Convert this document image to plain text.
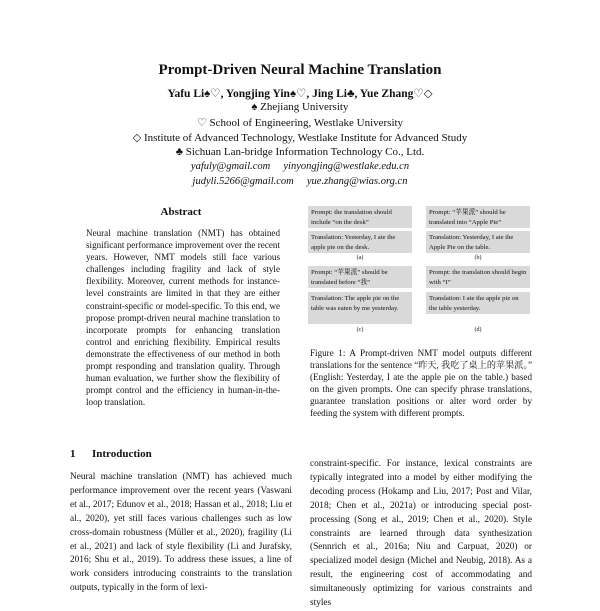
Prompt-Driven Neural Machine Translation
Yafu Li♠♡, Yongjing Yin♠♡, Jing Li♣, Yue Zhang♡◇
♠ Zhejiang University
♡ School of Engineering, Westlake University
◇ Institute of Advanced Technology, Westlake Institute for Advanced Study
♣ Sichuan Lan-bridge Information Technology Co., Ltd.
yafuly@gmail.com     yinyongjing@westlake.edu.cn
judyli.5266@gmail.com     yue.zhang@wias.org.cn
Abstract
Neural machine translation (NMT) has obtained significant performance improvement over the recent years. However, NMT models still face various challenges including fragility and lack of style flexibility. Moreover, current methods for instance-level constraints are limited in that they are either constraint-specific or model-specific. To this end, we propose prompt-driven neural machine translation to incorporate prompts for enhancing translation control and enriching flexibility. Empirical results demonstrate the effectiveness of our method in both prompt responding and translation quality. Through human evaluation, we further show the flexibility of prompt control and the efficiency in human-in-the-loop translation.
1 Introduction
Neural machine translation (NMT) has achieved much performance improvement over the recent years (Vaswani et al., 2017; Edunov et al., 2018; Hassan et al., 2018; Liu et al., 2020), yet still faces various challenges such as low cross-domain robustness (Müller et al., 2020), fragility (Li et al., 2021) and lack of style flexibility (Li and Jurafsky, 2016; Shu et al., 2019). To address these issues, a line of work considers introducing constraints to the translation outputs, typically in the form of lexi-
Prompt: the translation should include “on the desk”
Translation: Yesterday, I ate the apple pie on the desk.
(a)
Prompt: “苹果派” should be translated into “Apple Pie”
Translation: Yesterday, I ate the Apple Pie on the table.
(b)
Prompt: “苹果派” should be translated before “我”
Translation: The apple pie on the table was eaten by me yesterday.
(c)
Prompt: the translation should begin with “I”
Translation: I ate the apple pie on the table yesterday.
(d)
Figure 1: A Prompt-driven NMT model outputs different translations for the sentence “昨天, 我吃了桌上的苹果派。” (English: Yesterday, I ate the apple pie on the table.) based on the given prompts. One can specify phrase translations, guarantee translation positions or alter word order by feeding the system with different prompts.
constraint-specific. For instance, lexical constraints are typically integrated into a model by either modifying the decoding process (Hokamp and Liu, 2017; Post and Vilar, 2018; Chen et al., 2021a) or introducing special post-processing (Song et al., 2019; Chen et al., 2020). Style constraints are learned through data synthesization (Sennrich et al., 2016a; Niu and Carpuat, 2020) or specialized model design (Michel and Neubig, 2018). As a result, the engineering cost of accommodating and simultaneously optimizing for various constraints and styles
